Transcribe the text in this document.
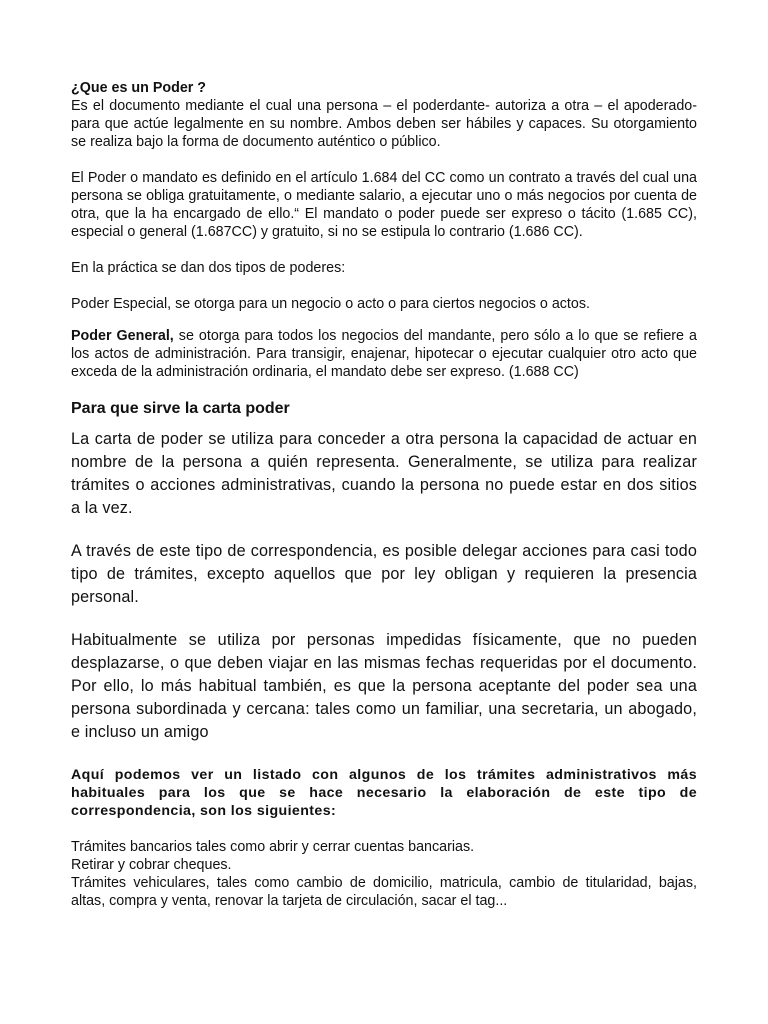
¿Que es un Poder ?

Es el documento mediante el cual una persona – el poderdante- autoriza a otra – el apoderado- para que actúe legalmente en su nombre. Ambos deben ser hábiles y capaces. Su otorgamiento se realiza bajo la forma de documento auténtico o público.

El Poder o mandato es definido en el artículo 1.684 del CC como un contrato a través del cual una persona se obliga gratuitamente, o mediante salario, a ejecutar uno o más negocios por cuenta de otra, que la ha encargado de ello.“ El mandato o poder puede ser expreso o tácito (1.685 CC), especial o general (1.687CC) y gratuito, si no se estipula lo contrario (1.686 CC).

En la práctica se dan dos tipos de poderes:

Poder Especial, se otorga para un negocio o acto o para ciertos negocios o actos.

Poder General, se otorga para todos los negocios del mandante, pero sólo a lo que se refiere a los actos de administración. Para transigir, enajenar, hipotecar o ejecutar cualquier otro acto que exceda de la administración ordinaria, el mandato debe ser expreso. (1.688 CC)

Para que sirve la carta poder

La carta de poder se utiliza para conceder a otra persona la capacidad de actuar en nombre de la persona a quién representa. Generalmente, se utiliza para realizar trámites o acciones administrativas, cuando la persona no puede estar en dos sitios a la vez.

A través de este tipo de correspondencia, es posible delegar acciones para casi todo tipo de trámites, excepto aquellos que por ley obligan y requieren la presencia personal.

Habitualmente se utiliza por personas impedidas físicamente, que no pueden desplazarse, o que deben viajar en las mismas fechas requeridas por el documento. Por ello, lo más habitual también, es que la persona aceptante del poder sea una persona subordinada y cercana: tales como un familiar, una secretaria, un abogado, e incluso un amigo

Aquí podemos ver un listado con algunos de los trámites administrativos más habituales para los que se hace necesario la elaboración de este tipo de correspondencia, son los siguientes:

Trámites bancarios tales como abrir y cerrar cuentas bancarias.
Retirar y cobrar cheques.
Trámites vehiculares, tales como cambio de domicilio, matricula, cambio de titularidad, bajas, altas, compra y venta, renovar la tarjeta de circulación, sacar el tag...
